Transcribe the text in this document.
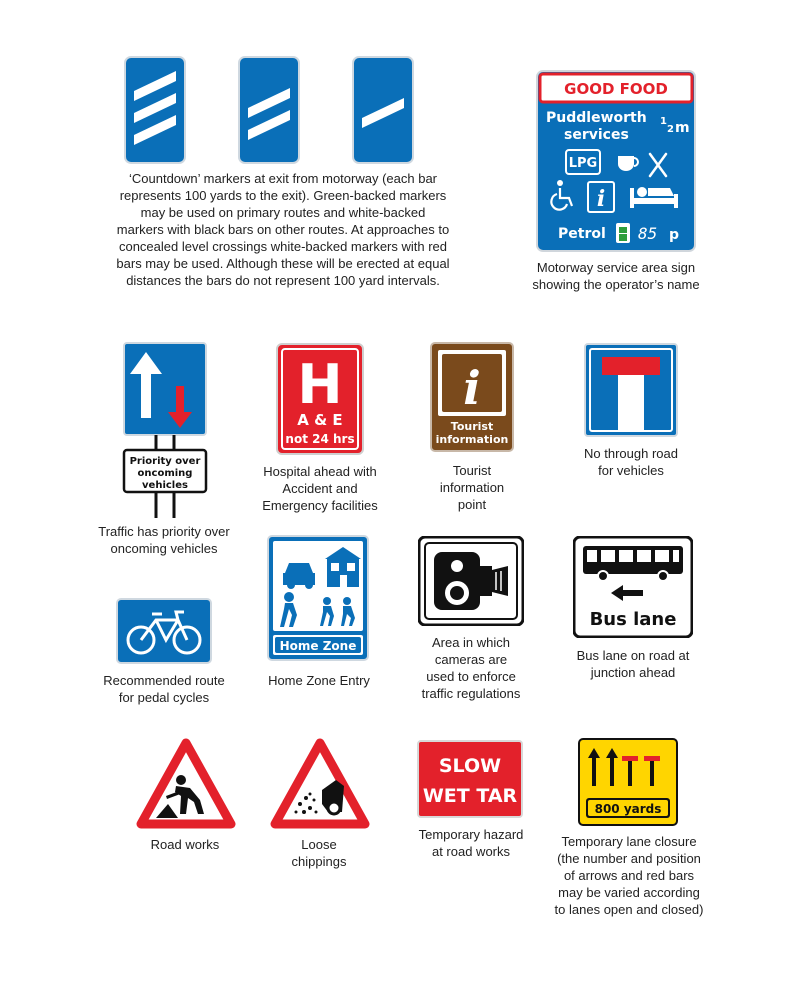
‘Countdown’ markers at exit from motorway (each bar
represents 100 yards to the exit). Green-backed markers
may be used on primary routes and white-backed
markers with black bars on other routes. At approaches to
concealed level crossings white-backed markers with red
bars may be used. Although these will be erected at equal
distances the bars do not represent 100 yard intervals.
GOOD FOOD
Puddleworth
services
1
2 m
LPG
i
Petrol 85 p
Motorway service area sign
showing the operator’s name
Priority over
oncoming
vehicles
Traffic has priority over
oncoming vehicles
H
A & E
not 24 hrs
Hospital ahead with
Accident and
Emergency facilities
i
Tourist
information
Tourist
information
point
No through road
for vehicles
Recommended route
for pedal cycles
Home Zone
Home Zone Entry
Area in which
cameras are
used to enforce
traffic regulations
Bus lane
Bus lane on road at
junction ahead
Road works	Loose
chippings
SLOW
WET TAR
Temporary hazard
at road works
800 yards
Temporary lane closure
(the number and position
of arrows and red bars
may be varied according
to lanes open and closed)
